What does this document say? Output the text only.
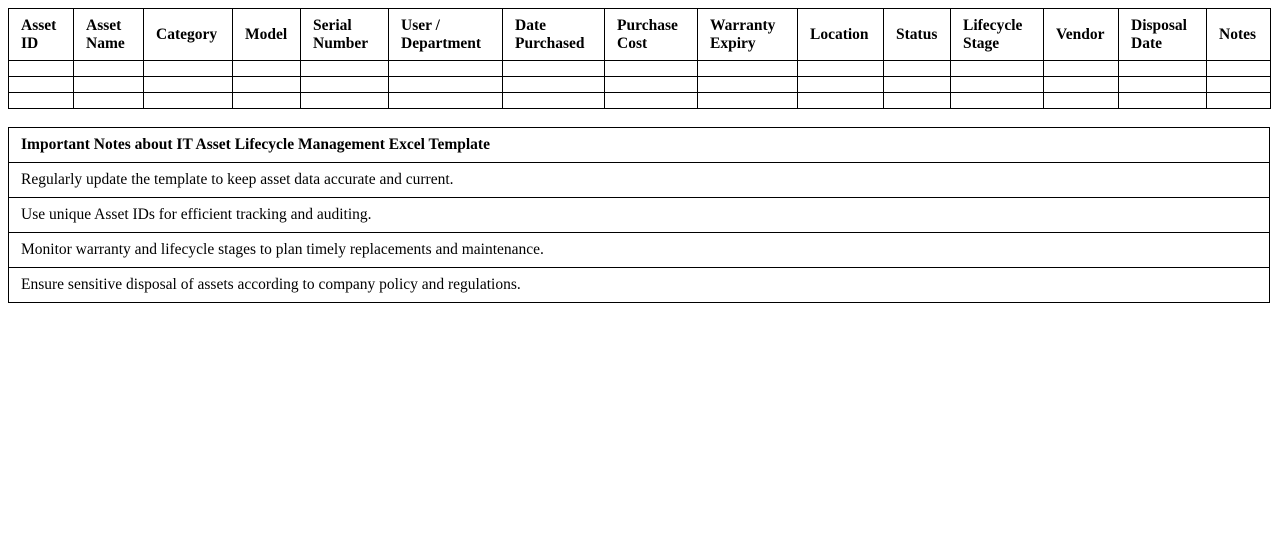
Asset ID	Asset Name	Category	Model	Serial Number	User / Department	Date Purchased	Purchase Cost	Warranty Expiry	Location	Status	Lifecycle Stage	Vendor	Disposal Date	Notes

Important Notes about IT Asset Lifecycle Management Excel Template
Regularly update the template to keep asset data accurate and current.
Use unique Asset IDs for efficient tracking and auditing.
Monitor warranty and lifecycle stages to plan timely replacements and maintenance.
Ensure sensitive disposal of assets according to company policy and regulations.
